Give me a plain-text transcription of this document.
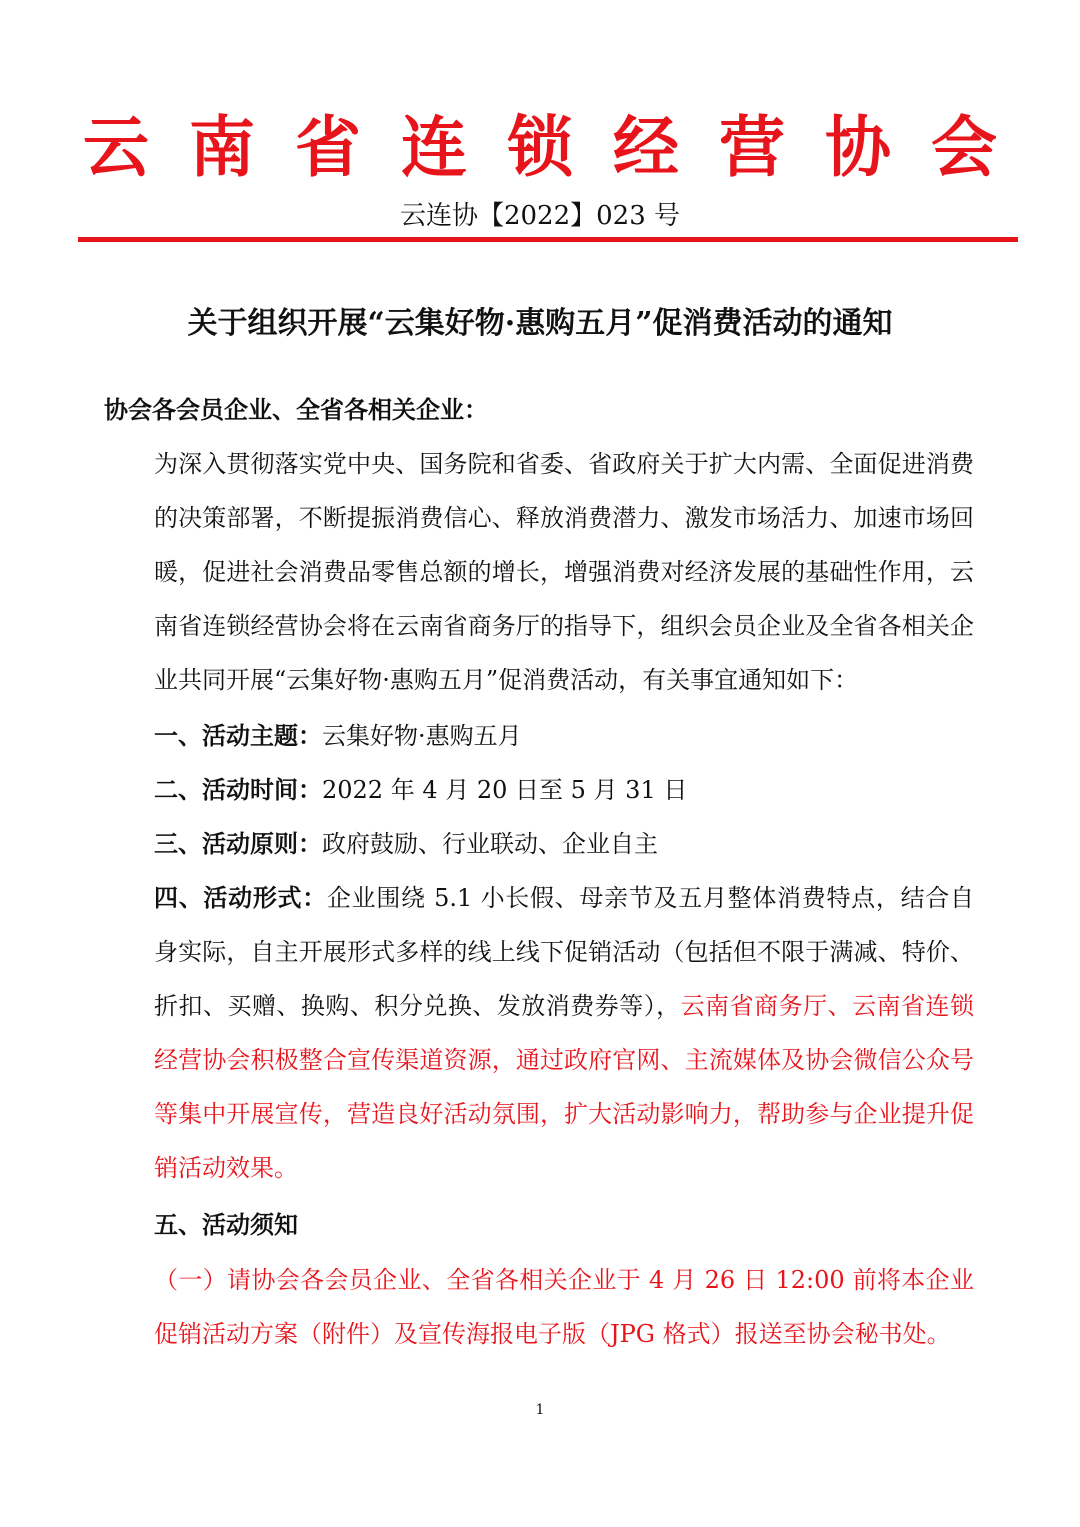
云南省连锁经营协会
云连协【2022】023 号
关于组织开展“云集好物·惠购五月”促消费活动的通知
协会各会员企业、全省各相关企业：
为深入贯彻落实党中央、国务院和省委、省政府关于扩大内需、全面促进消费的决策部署，不断提振消费信心、释放消费潜力、激发市场活力、加速市场回暖，促进社会消费品零售总额的增长，增强消费对经济发展的基础性作用，云南省连锁经营协会将在云南省商务厅的指导下，组织会员企业及全省各相关企业共同开展“云集好物·惠购五月”促消费活动，有关事宜通知如下：
一、活动主题：云集好物·惠购五月
二、活动时间：2022 年 4 月 20 日至 5 月 31 日
三、活动原则：政府鼓励、行业联动、企业自主
四、活动形式：企业围绕 5.1 小长假、母亲节及五月整体消费特点，结合自身实际，自主开展形式多样的线上线下促销活动（包括但不限于满减、特价、折扣、买赠、换购、积分兑换、发放消费券等），云南省商务厅、云南省连锁经营协会积极整合宣传渠道资源，通过政府官网、主流媒体及协会微信公众号等集中开展宣传，营造良好活动氛围，扩大活动影响力，帮助参与企业提升促销活动效果。
五、活动须知
（一）请协会各会员企业、全省各相关企业于 4 月 26 日 12:00 前将本企业促销活动方案（附件）及宣传海报电子版（JPG 格式）报送至协会秘书处。
1
